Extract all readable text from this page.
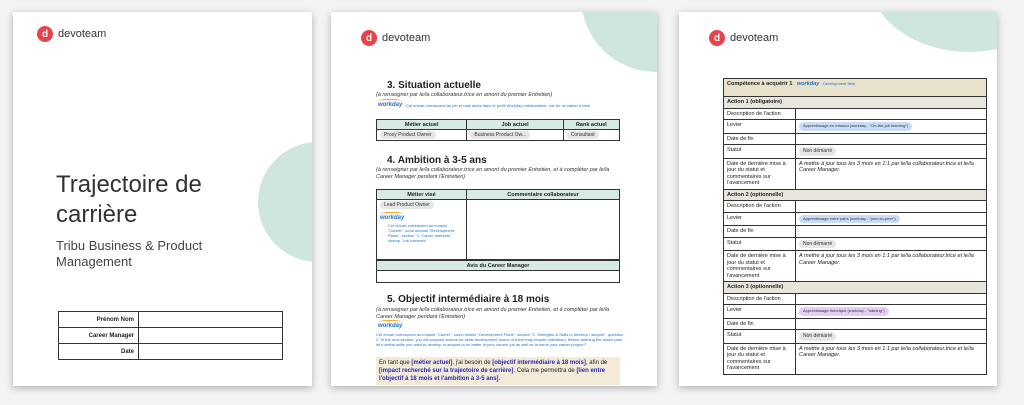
d devoteam
Trajectoire de carrière
Tribu Business & Product Management
Prénom Nom	
Career Manager	
Date	
d devoteam
3. Situation actuelle
(à renseigner par le/la collaborateur.trice en amont du premier Entretien)
workday Cet encart correspond au job et rank actés dans le profil Workday collaborateur, voir de ce cahier à faire.
Métier actuel	Job actuel	Rank actuel
Proxy Product Owner	Business Product Ow...	Consultant
4. Ambition à 3-5 ans
(à renseigner par le/la collaborateur.trice en amont du premier Entretien, et à compléter par le/la Career Manager pendant l'Entretien)
Métier visé	Commentaire collaborateur
Lead Product Owner
workday
Cet encart correspond au module "Career", sous module "Development Plans", section "1. Career Interests", champ "Job Interests"	

Avis du Career Manager

5. Objectif intermédiaire à 18 mois
(à renseigner par le/la collaborateur.trice en amont du premier Entretien, et à compléter par le/la Career Manager pendant l'Entretien)
workday
Cet encart correspond au module "Career", sous module "Development Plans", section "2. Strengths & Skills to develop / acquire", question 2 "In the next section, you will propose actions for skills development (some of them may require validation). Before defining the action plan, let's define skills you want to develop or acquire to do better in your current job as well as to serve your career project?"
En tant que [métier actuel], j'ai besoin de [objectif intermédiaire à 18 mois], afin de [impact recherché sur la trajectoire de carrière]. Cela me permettra de [lien entre l'objectif à 18 mois et l'ambition à 3-5 ans].
d devoteam
Compétence à acquérir 1 workday Development Item	
Action 1 (obligatoire)	
Description de l'action	
Levier	Apprentissage en mission (workday - "On-the-job learning")
Date de fin	
Statut	Non démarré
Date de dernière mise à jour du statut et commentaires sur l'avancement	A mettre à jour tous les 3 mois en 1:1 par le/la collaborateur.trice et le/la Career Manager.
Action 2 (optionnelle)	
Description de l'action	
Levier	Apprentissage entre pairs (workday - "peer-to-peer")
Date de fin	
Statut	Non démarré
Date de dernière mise à jour du statut et commentaires sur l'avancement	A mettre à jour tous les 3 mois en 1:1 par le/la collaborateur.trice et le/la Career Manager.
Action 3 (optionnelle)	
Description de l'action	
Levier	Apprentissage théorique (workday - "training")
Date de fin	
Statut	Non démarré
Date de dernière mise à jour du statut et commentaires sur l'avancement	A mettre à jour tous les 3 mois en 1:1 par le/la collaborateur.trice et le/la Career Manager.
